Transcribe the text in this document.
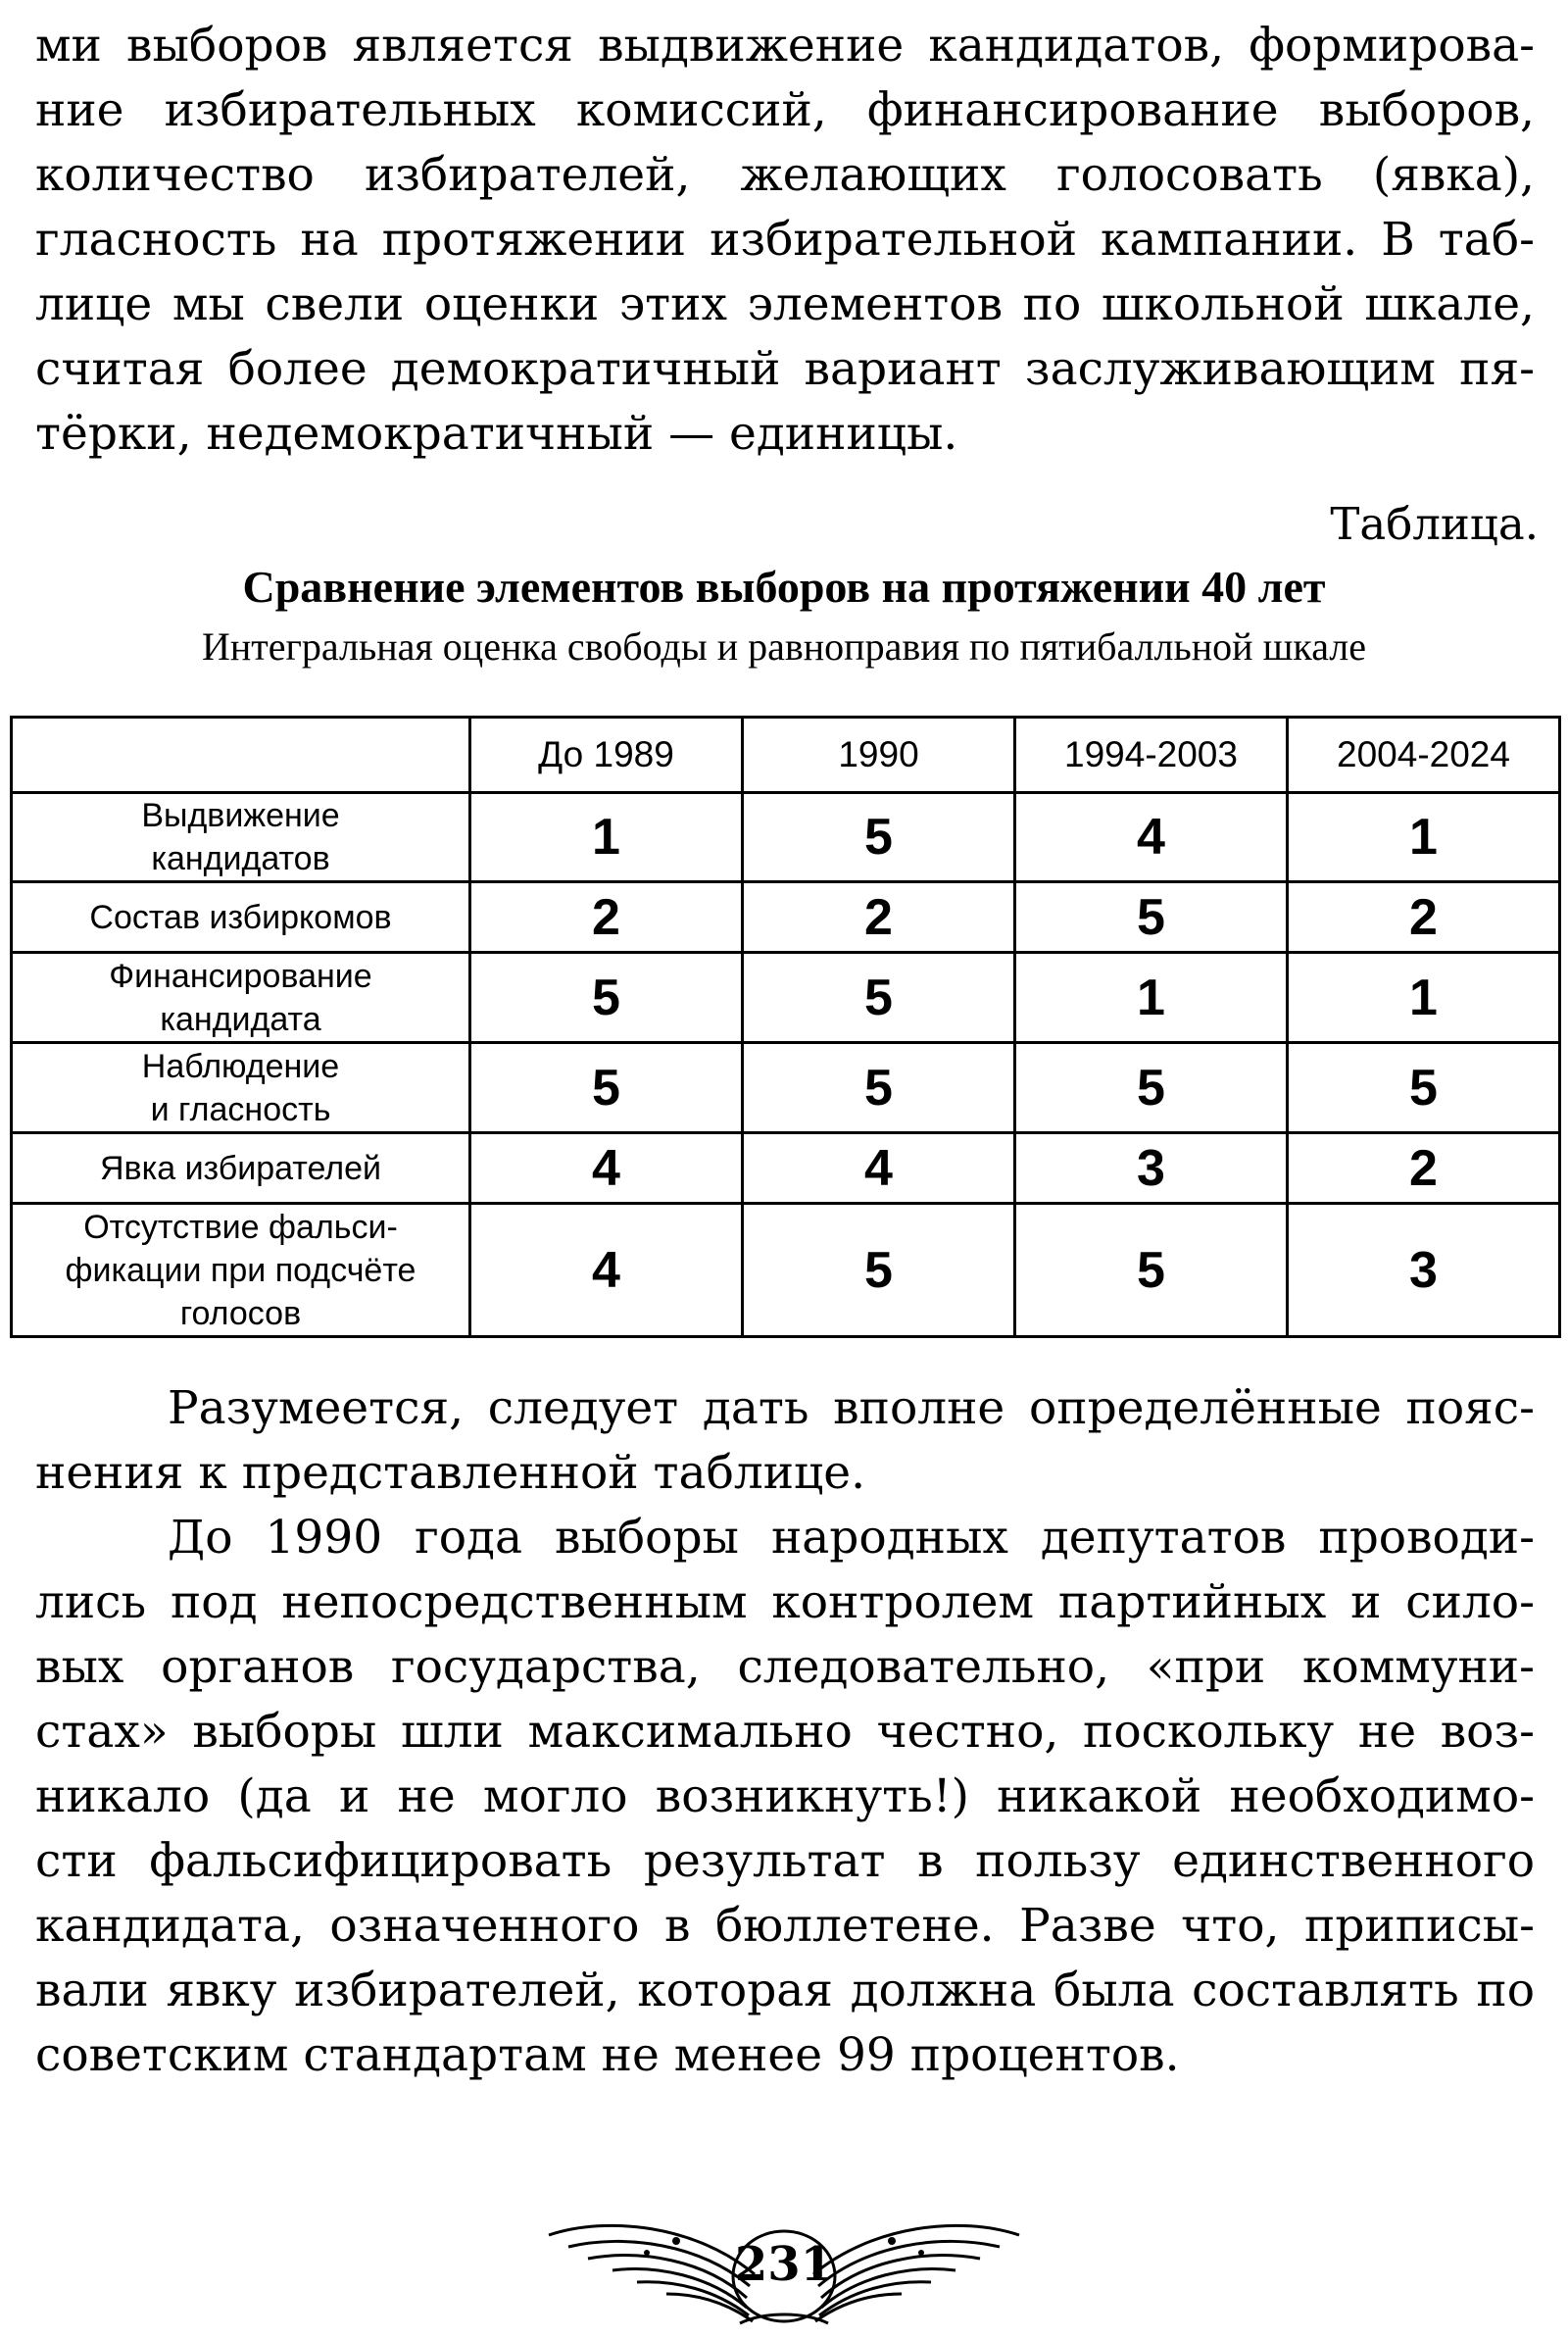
ми выборов является выдвижение кандидатов, формирова-
ние избирательных комиссий, финансирование выборов,
количество избирателей, желающих голосовать (явка),
гласность на протяжении избирательной кампании. В таб-
лице мы свели оценки этих элементов по школьной шкале,
считая более демократичный вариант заслуживающим пя-
тёрки, недемократичный — единицы.

Таблица.
Сравнение элементов выборов на протяжении 40 лет
Интегральная оценка свободы и равноправия по пятибалльной шкале
	До 1989	1990	1994-2003	2004-2024
Выдвижение
кандидатов	1	5	4	1
Состав избиркомов	2	2	5	2
Финансирование
кандидата	5	5	1	1
Наблюдение
и гласность	5	5	5	5
Явка избирателей	4	4	3	2
Отсутствие фальси-
фикации при подсчёте
голосов	4	5	5	3

Разумеется, следует дать вполне определённые пояс-
нения к представленной таблице.

До 1990 года выборы народных депутатов проводи-
лись под непосредственным контролем партийных и сило-
вых органов государства, следовательно, «при коммуни-
стах» выборы шли максимально честно, поскольку не воз-
никало (да и не могло возникнуть!) никакой необходимо-
сти фальсифицировать результат в пользу единственного
кандидата, означенного в бюллетене. Разве что, приписы-
вали явку избирателей, которая должна была составлять по
советским стандартам не менее 99 процентов.

231
